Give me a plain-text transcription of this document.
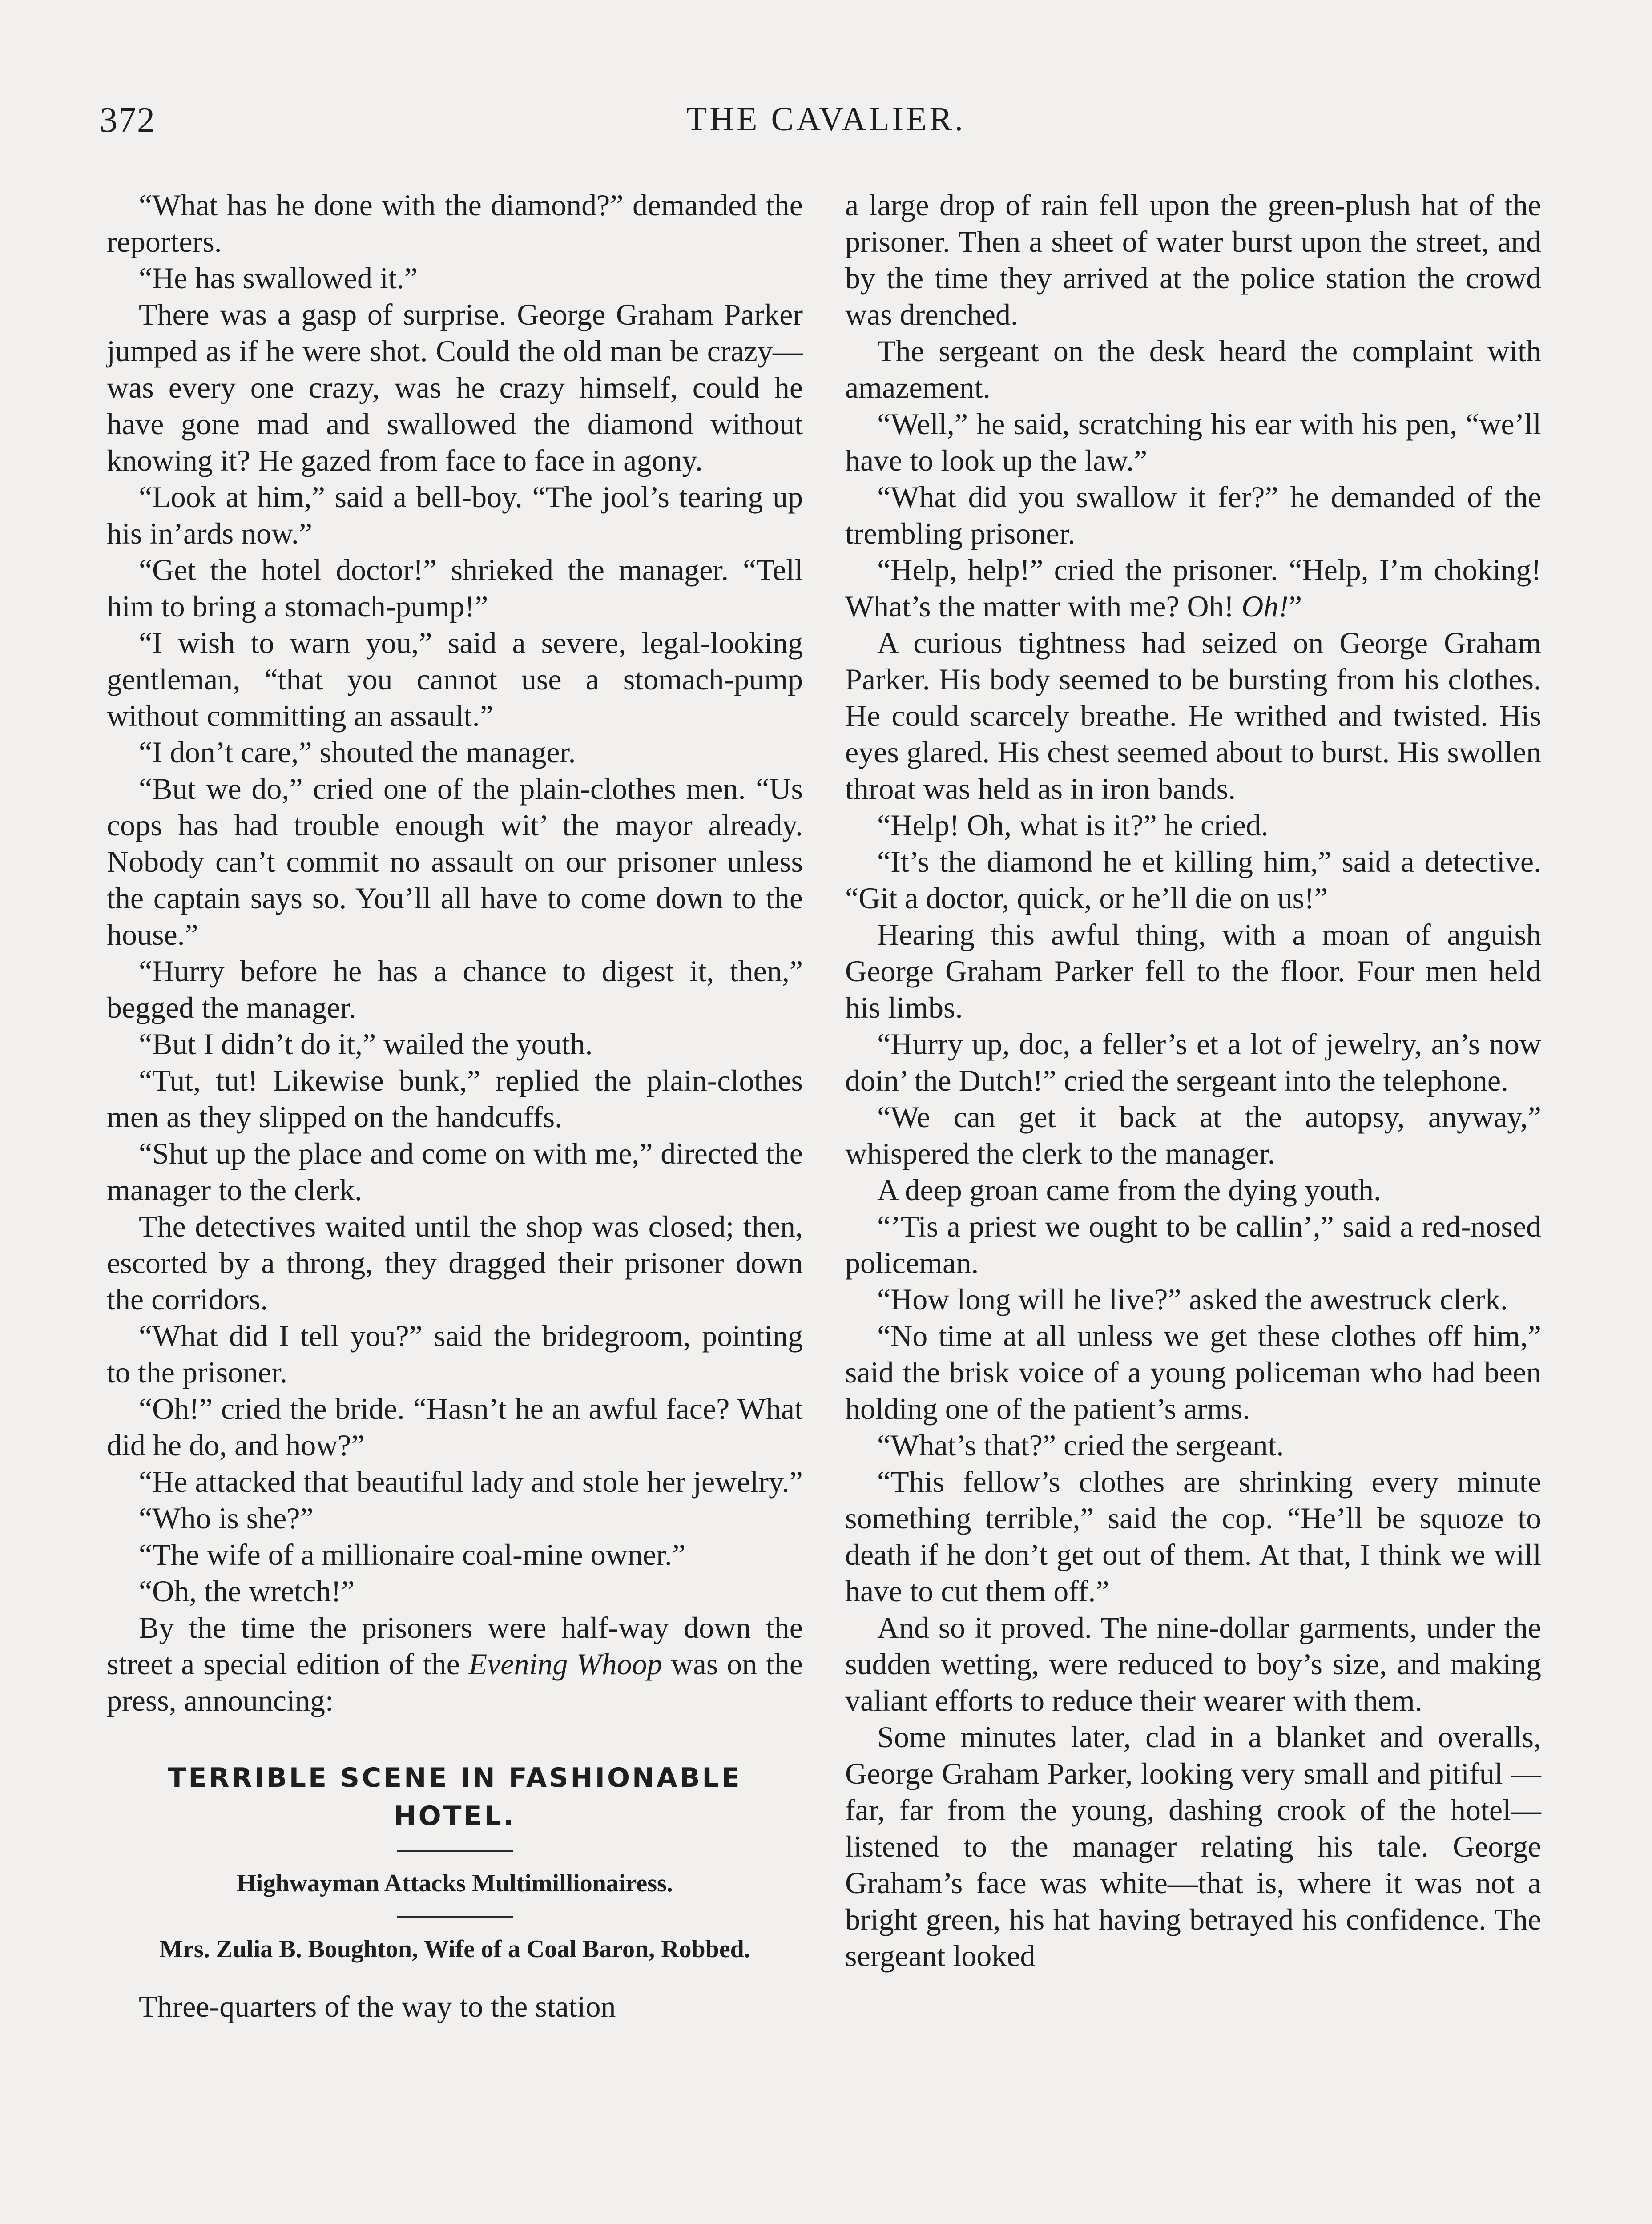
372	THE CAVALIER.

“What has he done with the diamond?” demanded the reporters.

“He has swallowed it.”

There was a gasp of surprise. George Graham Parker jumped as if he were shot. Could the old man be crazy—was every one crazy, was he crazy himself, could he have gone mad and swallowed the diamond without knowing it? He gazed from face to face in agony.

“Look at him,” said a bell-boy. “The jool’s tearing up his in’ards now.”

“Get the hotel doctor!” shrieked the manager. “Tell him to bring a stomach-pump!”

“I wish to warn you,” said a severe, legal-looking gentleman, “that you cannot use a stomach-pump without committing an assault.”

“I don’t care,” shouted the manager.

“But we do,” cried one of the plain-clothes men. “Us cops has had trouble enough wit’ the mayor already. Nobody can’t commit no assault on our prisoner unless the captain says so. You’ll all have to come down to the house.”

“Hurry before he has a chance to digest it, then,” begged the manager.

“But I didn’t do it,” wailed the youth.

“Tut, tut! Likewise bunk,” replied the plain-clothes men as they slipped on the handcuffs.

“Shut up the place and come on with me,” directed the manager to the clerk.

The detectives waited until the shop was closed; then, escorted by a throng, they dragged their prisoner down the corridors.

“What did I tell you?” said the bridegroom, pointing to the prisoner.

“Oh!” cried the bride. “Hasn’t he an awful face? What did he do, and how?”

“He attacked that beautiful lady and stole her jewelry.”

“Who is she?”

“The wife of a millionaire coal-mine owner.”

“Oh, the wretch!”

By the time the prisoners were half-way down the street a special edition of the Evening Whoop was on the press, announcing:

TERRIBLE SCENE IN FASHIONABLE HOTEL.
Highwayman Attacks Multimillionairess.
Mrs. Zulia B. Boughton, Wife of a Coal Baron, Robbed.

Three-quarters of the way to the station

a large drop of rain fell upon the green-plush hat of the prisoner. Then a sheet of water burst upon the street, and by the time they arrived at the police station the crowd was drenched.

The sergeant on the desk heard the complaint with amazement.

“Well,” he said, scratching his ear with his pen, “we’ll have to look up the law.”

“What did you swallow it fer?” he demanded of the trembling prisoner.

“Help, help!” cried the prisoner. “Help, I’m choking! What’s the matter with me? Oh! Oh!”

A curious tightness had seized on George Graham Parker. His body seemed to be bursting from his clothes. He could scarcely breathe. He writhed and twisted. His eyes glared. His chest seemed about to burst. His swollen throat was held as in iron bands.

“Help! Oh, what is it?” he cried.

“It’s the diamond he et killing him,” said a detective. “Git a doctor, quick, or he’ll die on us!”

Hearing this awful thing, with a moan of anguish George Graham Parker fell to the floor. Four men held his limbs.

“Hurry up, doc, a feller’s et a lot of jewelry, an’s now doin’ the Dutch!” cried the sergeant into the telephone.

“We can get it back at the autopsy, anyway,” whispered the clerk to the manager.

A deep groan came from the dying youth.

“’Tis a priest we ought to be callin’,” said a red-nosed policeman.

“How long will he live?” asked the awestruck clerk.

“No time at all unless we get these clothes off him,” said the brisk voice of a young policeman who had been holding one of the patient’s arms.

“What’s that?” cried the sergeant.

“This fellow’s clothes are shrinking every minute something terrible,” said the cop. “He’ll be squoze to death if he don’t get out of them. At that, I think we will have to cut them off.”

And so it proved. The nine-dollar garments, under the sudden wetting, were reduced to boy’s size, and making valiant efforts to reduce their wearer with them.

Some minutes later, clad in a blanket and overalls, George Graham Parker, looking very small and pitiful — far, far from the young, dashing crook of the hotel—listened to the manager relating his tale. George Graham’s face was white—that is, where it was not a bright green, his hat having betrayed his confidence. The sergeant looked
